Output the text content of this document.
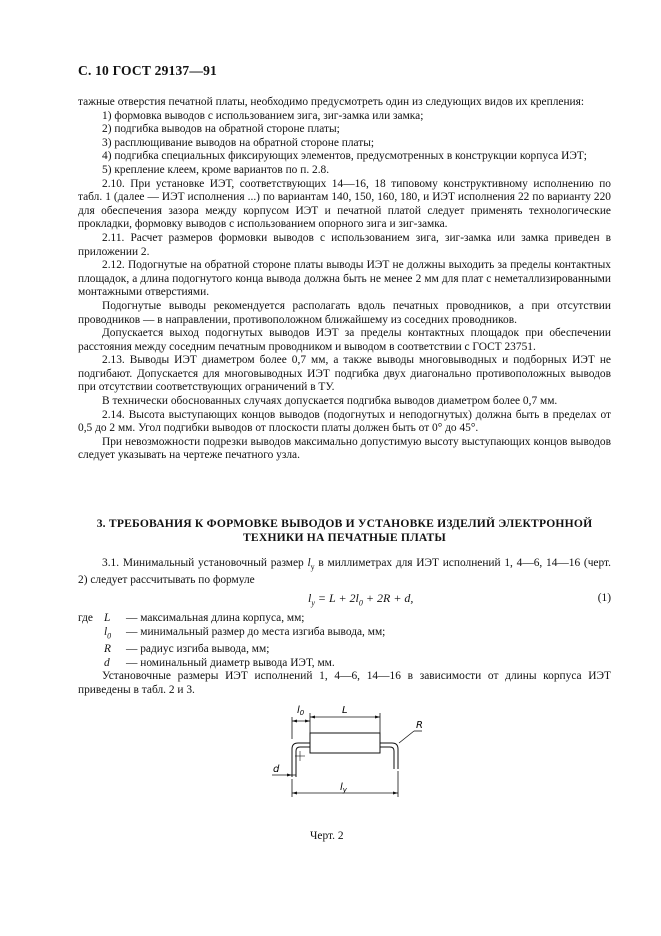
С. 10 ГОСТ 29137—91

тажные отверстия печатной платы, необходимо предусмотреть один из следующих видов их крепления:

1) формовка выводов с использованием зига, зиг-замка или замка;

2) подгибка выводов на обратной стороне платы;

3) расплющивание выводов на обратной стороне платы;

4) подгибка специальных фиксирующих элементов, предусмотренных в конструкции корпуса ИЭТ;

5) крепление клеем, кроме вариантов по п. 2.8.

2.10. При установке ИЭТ, соответствующих 14—16, 18 типовому конструктивному исполнению по табл. 1 (далее — ИЭТ исполнения ...) по вариантам 140, 150, 160, 180, и ИЭТ исполнения 22 по варианту 220 для обеспечения зазора между корпусом ИЭТ и печатной платой следует применять технологические прокладки, формовку выводов с использованием опорного зига и зиг-замка.

2.11. Расчет размеров формовки выводов с использованием зига, зиг-замка или замка приведен в приложении 2.

2.12. Подогнутые на обратной стороне платы выводы ИЭТ не должны выходить за пределы контактных площадок, а длина подогнутого конца вывода должна быть не менее 2 мм для плат с неметаллизированными монтажными отверстиями.

Подогнутые выводы рекомендуется располагать вдоль печатных проводников, а при отсутствии проводников — в направлении, противоположном ближайшему из соседних проводников.

Допускается выход подогнутых выводов ИЭТ за пределы контактных площадок при обеспечении расстояния между соседним печатным проводником и выводом в соответствии с ГОСТ 23751.

2.13. Выводы ИЭТ диаметром более 0,7 мм, а также выводы многовыводных и подборных ИЭТ не подгибают. Допускается для многовыводных ИЭТ подгибка двух диагонально противоположных выводов при отсутствии соответствующих ограничений в ТУ.

В технически обоснованных случаях допускается подгибка выводов диаметром более 0,7 мм.

2.14. Высота выступающих концов выводов (подогнутых и неподогнутых) должна быть в пределах от 0,5 до 2 мм. Угол подгибки выводов от плоскости платы должен быть от 0° до 45°.

При невозможности подрезки выводов максимально допустимую высоту выступающих концов выводов следует указывать на чертеже печатного узла.

3. ТРЕБОВАНИЯ К ФОРМОВКЕ ВЫВОДОВ И УСТАНОВКЕ ИЗДЕЛИЙ ЭЛЕКТРОННОЙ
ТЕХНИКИ НА ПЕЧАТНЫЕ ПЛАТЫ

3.1. Минимальный установочный размер $l_y$ в миллиметрах для ИЭТ исполнений 1, 4—6, 14—16 (черт. 2) следует рассчитывать по формуле

$l_y = L + 2l_0 + 2R + d$,	(1)
где L — максимальная длина корпуса, мм;
$l_0$ — минимальный размер до места изгиба вывода, мм;
R — радиус изгиба вывода, мм;
d — номинальный диаметр вывода ИЭТ, мм.

Установочные размеры ИЭТ исполнений 1, 4—6, 14—16 в зависимости от длины корпуса ИЭТ приведены в табл. 2 и 3.

$l_0$	L
R
d
$l_y$
Черт. 2
